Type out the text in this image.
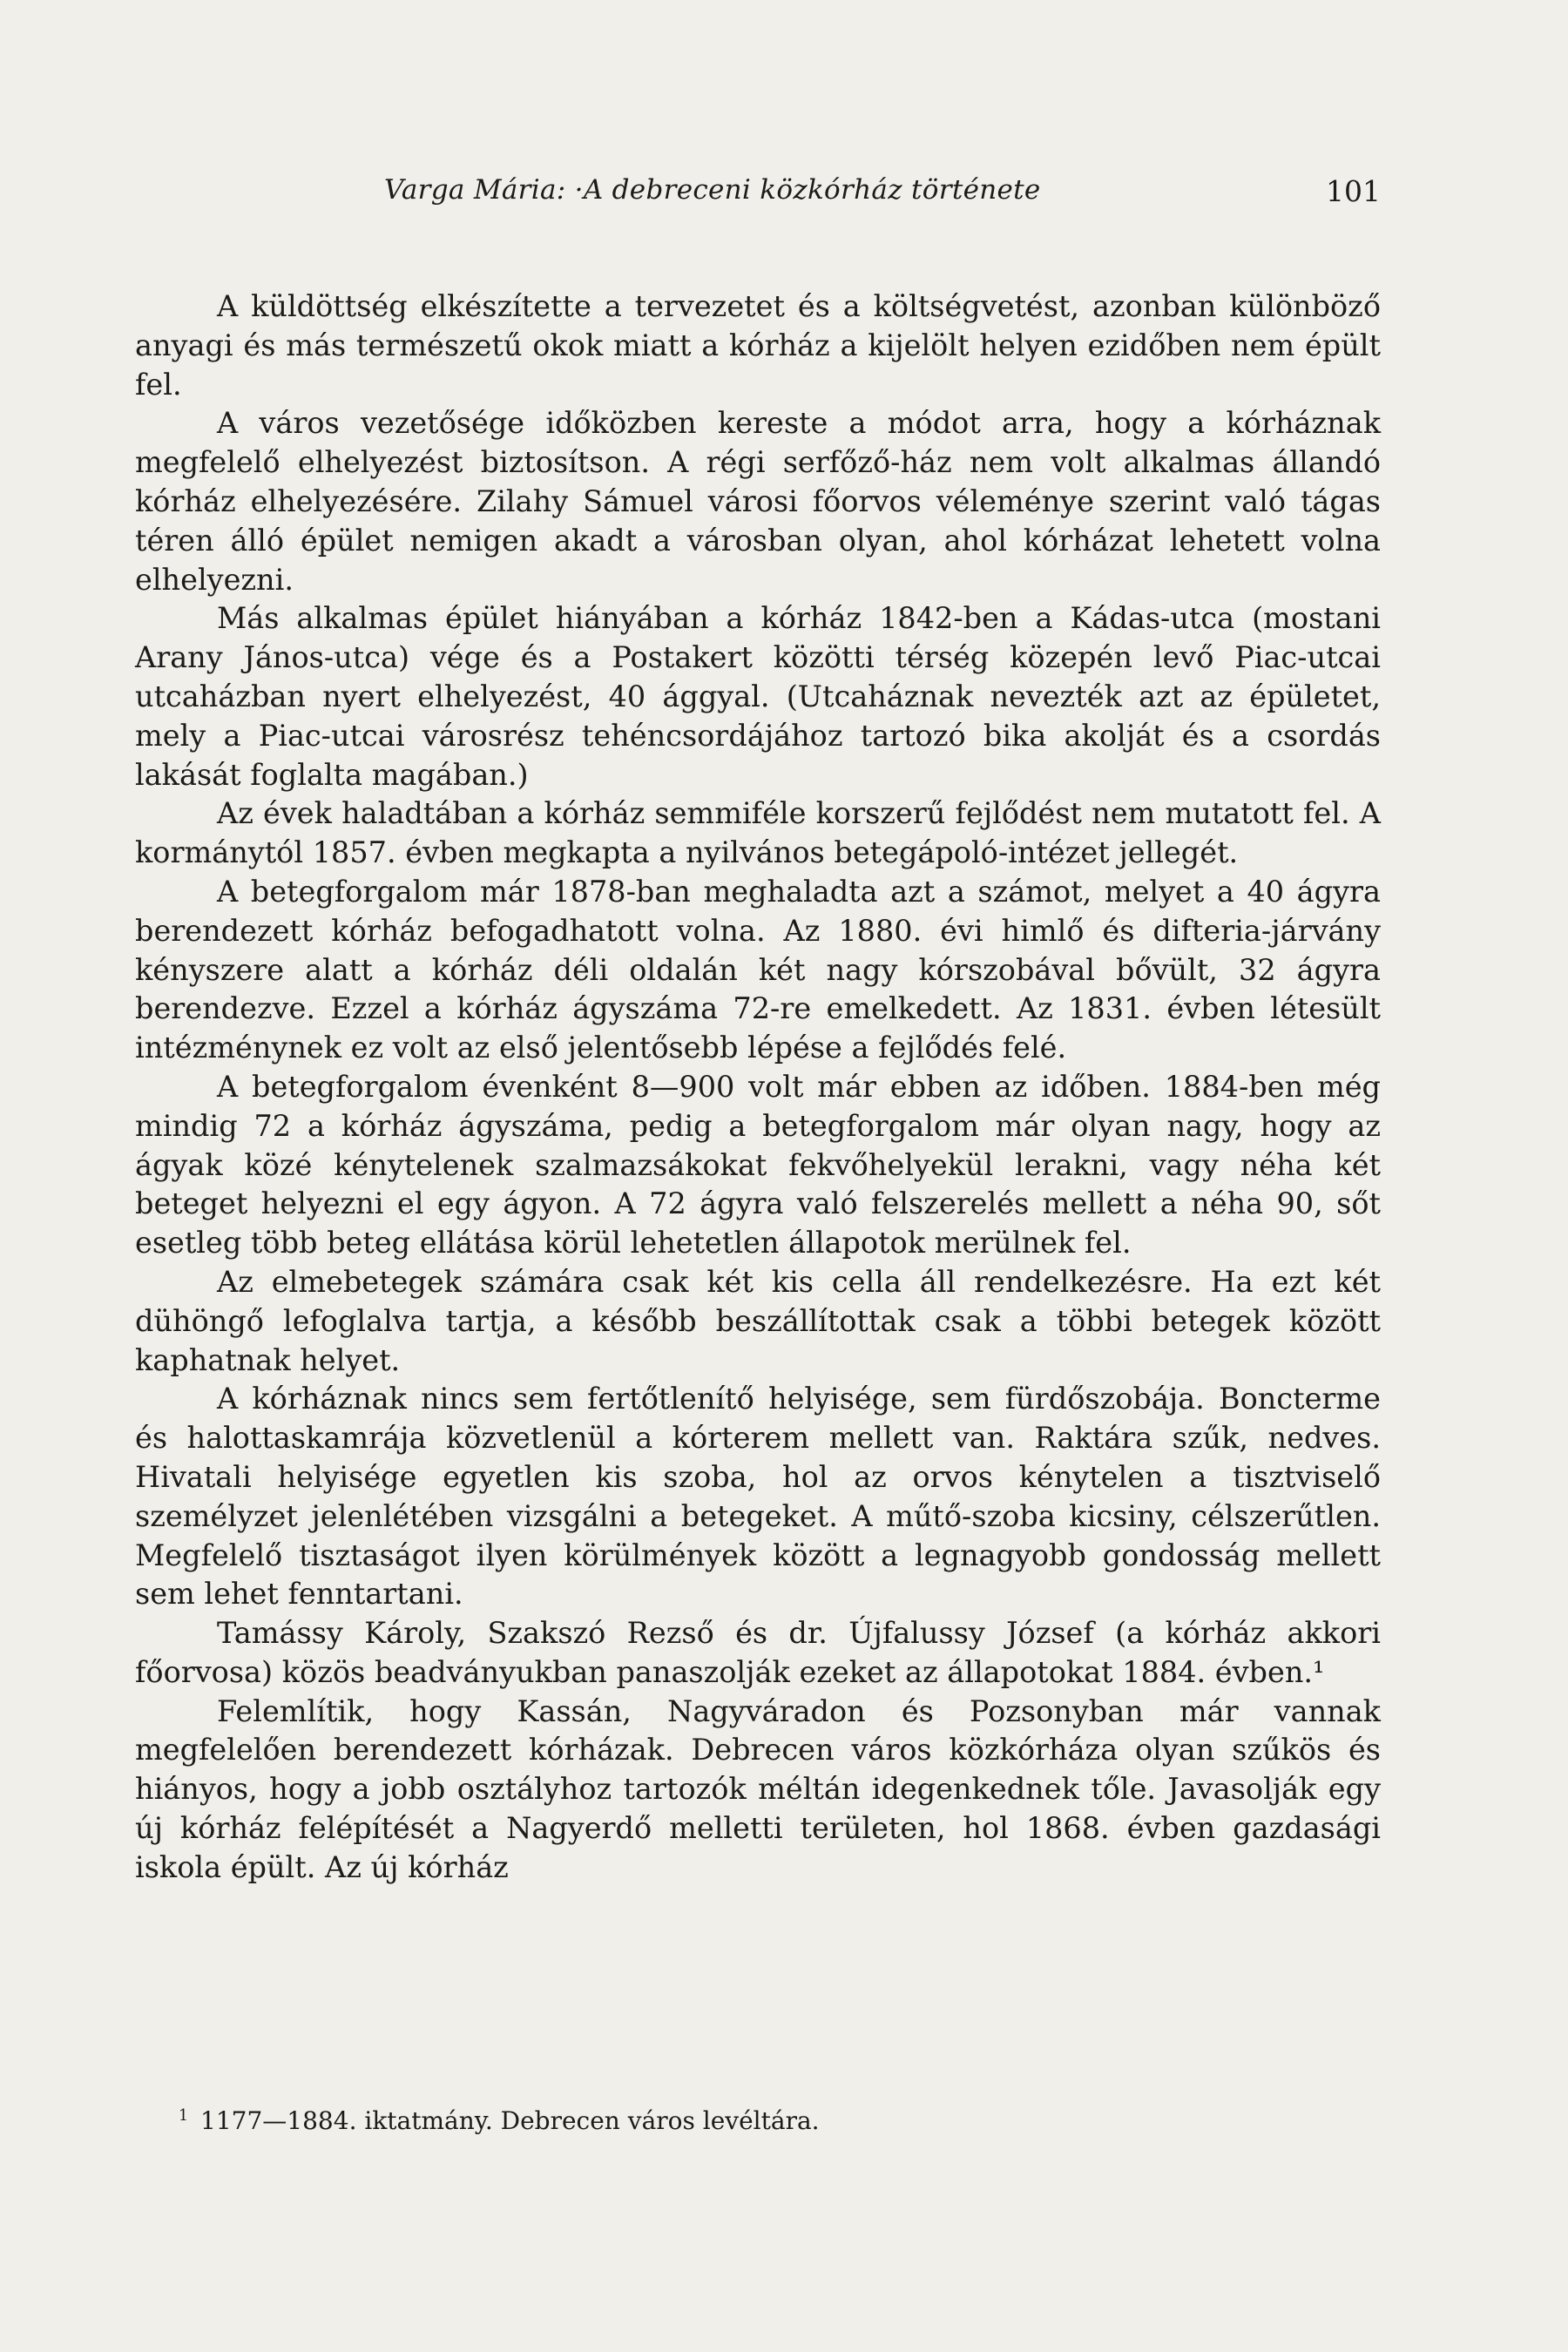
Varga Mária: ·A debreceni közkórház története	101

A küldöttség elkészítette a tervezetet és a költségvetést, azonban különböző anyagi és más természetű okok miatt a kórház a kijelölt helyen ezidőben nem épült fel.

A város vezetősége időközben kereste a módot arra, hogy a kórháznak megfelelő elhelyezést biztosítson. A régi serfőző-ház nem volt alkalmas állandó kórház elhelyezésére. Zilahy Sámuel városi főorvos véleménye szerint való tágas téren álló épület nemigen akadt a városban olyan, ahol kórházat lehetett volna elhelyezni.

Más alkalmas épület hiányában a kórház 1842-ben a Kádas-utca (mostani Arany János-utca) vége és a Postakert közötti térség közepén levő Piac-utcai utcaházban nyert elhelyezést, 40 ággyal. (Utcaháznak nevezték azt az épületet, mely a Piac-utcai városrész tehéncsordájához tartozó bika akolját és a csordás lakását foglalta magában.)

Az évek haladtában a kórház semmiféle korszerű fejlődést nem mutatott fel. A kormánytól 1857. évben megkapta a nyilvános betegápoló-intézet jellegét.

A betegforgalom már 1878-ban meghaladta azt a számot, melyet a 40 ágyra berendezett kórház befogadhatott volna. Az 1880. évi himlő és difteria-járvány kényszere alatt a kórház déli oldalán két nagy kórszobával bővült, 32 ágyra berendezve. Ezzel a kórház ágyszáma 72-re emelkedett. Az 1831. évben létesült intézménynek ez volt az első jelentősebb lépése a fejlődés felé.

A betegforgalom évenként 8—900 volt már ebben az időben. 1884-ben még mindig 72 a kórház ágyszáma, pedig a betegforgalom már olyan nagy, hogy az ágyak közé kénytelenek szalmazsákokat fekvőhelyekül lerakni, vagy néha két beteget helyezni el egy ágyon. A 72 ágyra való felszerelés mellett a néha 90, sőt esetleg több beteg ellátása körül lehetetlen állapotok merülnek fel.

Az elmebetegek számára csak két kis cella áll rendelkezésre. Ha ezt két dühöngő lefoglalva tartja, a később beszállítottak csak a többi betegek között kaphatnak helyet.

A kórháznak nincs sem fertőtlenítő helyisége, sem fürdőszobája. Boncterme és halottaskamrája közvetlenül a kórterem mellett van. Raktára szűk, nedves. Hivatali helyisége egyetlen kis szoba, hol az orvos kénytelen a tisztviselő személyzet jelenlétében vizsgálni a betegeket. A műtő-szoba kicsiny, célszerűtlen. Megfelelő tisztaságot ilyen körülmények között a legnagyobb gondosság mellett sem lehet fenntartani.

Tamássy Károly, Szakszó Rezső és dr. Újfalussy József (a kórház akkori főorvosa) közös beadványukban panaszolják ezeket az állapotokat 1884. évben.¹

Felemlítik, hogy Kassán, Nagyváradon és Pozsonyban már vannak megfelelően berendezett kórházak. Debrecen város közkórháza olyan szűkös és hiányos, hogy a jobb osztályhoz tartozók méltán idegenkednek tőle. Javasolják egy új kórház felépítését a Nagyerdő melletti területen, hol 1868. évben gazdasági iskola épült. Az új kórház

$^1$ 1177—1884. iktatmány. Debrecen város levéltára.
